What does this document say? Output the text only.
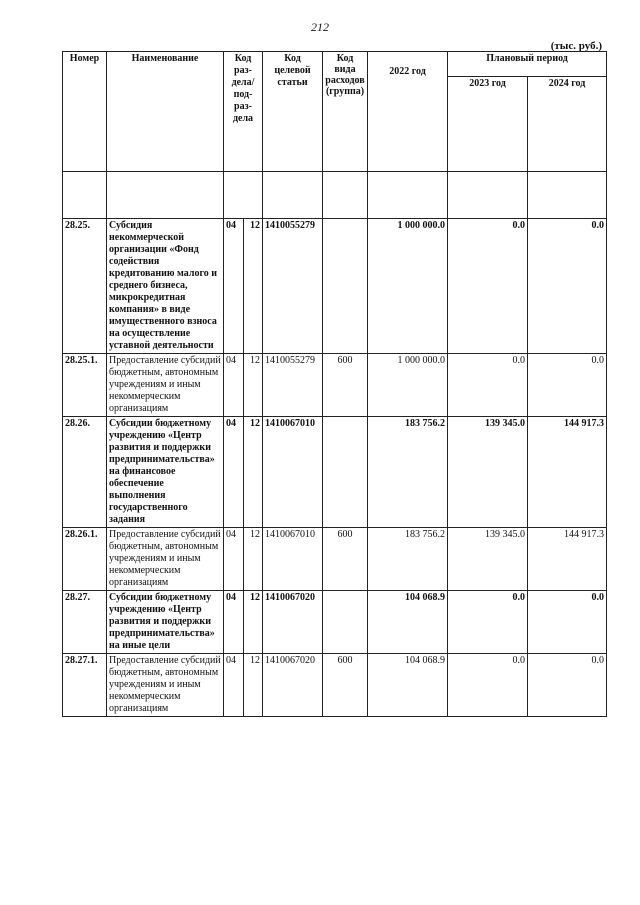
212
(тыс. руб.)
Номер	Наименование	Код раз-дела/ под-раз-дела		Код целевой статьи	Код вида расходов (группа)	2022 год	Плановый период	
							2023 год	2024 год

28.25.	Субсидия некоммерческой организации «Фонд содействия кредитованию малого и среднего бизнеса, микрокредитная компания» в виде имущественного взноса на осуществление уставной деятельности	04	12	1410055279		1 000 000.0	0.0	0.0
28.25.1.	Предоставление субсидий бюджетным, автономным учреждениям и иным некоммерческим организациям	04	12	1410055279	600	1 000 000.0	0.0	0.0
28.26.	Субсидии бюджетному учреждению «Центр развития и поддержки предпринимательства» на финансовое обеспечение выполнения государственного задания	04	12	1410067010		183 756.2	139 345.0	144 917.3
28.26.1.	Предоставление субсидий бюджетным, автономным учреждениям и иным некоммерческим организациям	04	12	1410067010	600	183 756.2	139 345.0	144 917.3
28.27.	Субсидии бюджетному учреждению «Центр развития и поддержки предпринимательства» на иные цели	04	12	1410067020		104 068.9	0.0	0.0
28.27.1.	Предоставление субсидий бюджетным, автономным учреждениям и иным некоммерческим организациям	04	12	1410067020	600	104 068.9	0.0	0.0
